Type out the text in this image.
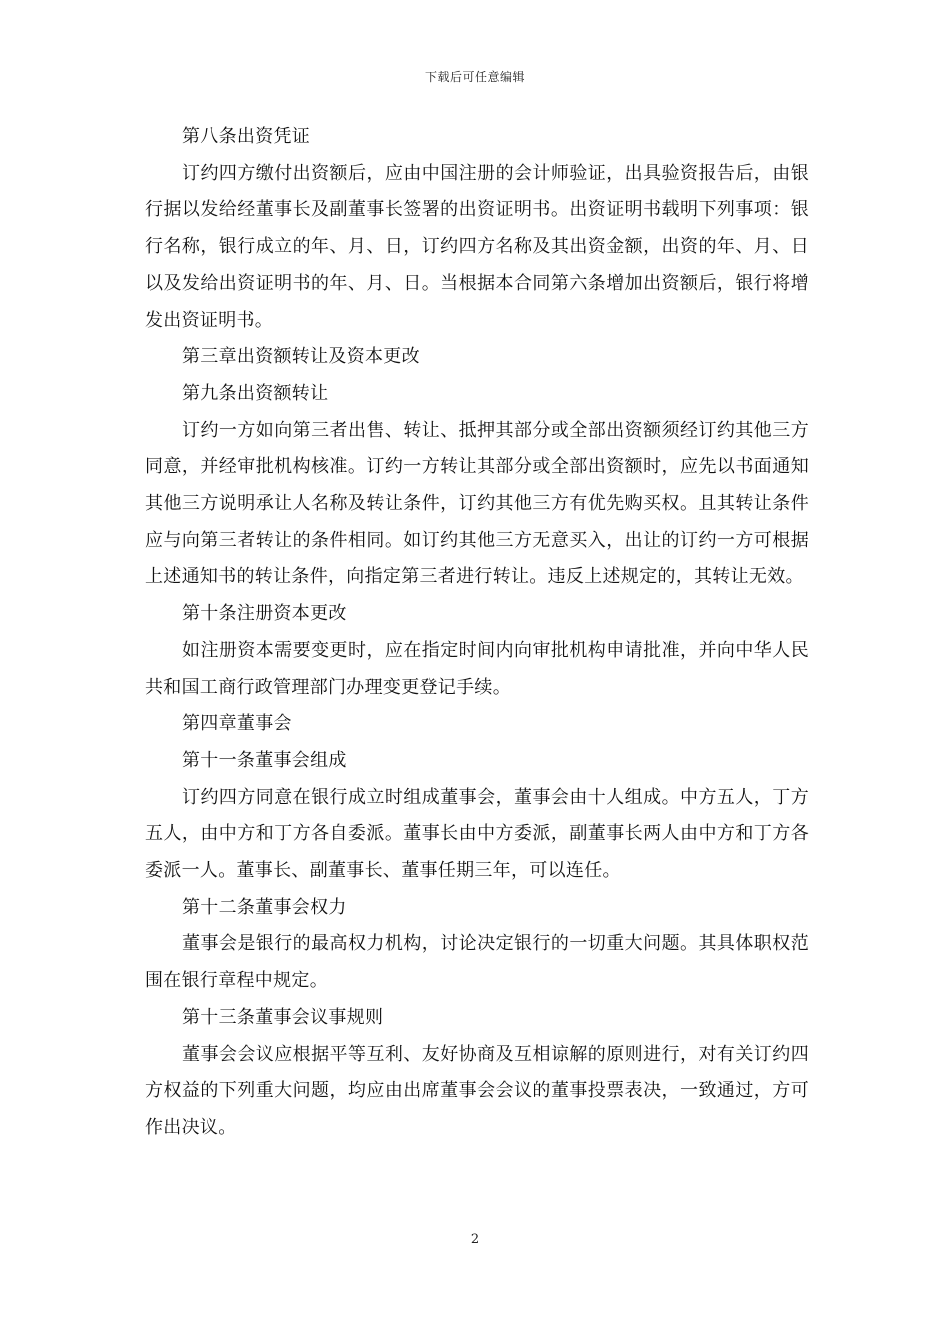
下载后可任意编辑

第八条出资凭证

订约四方缴付出资额后，应由中国注册的会计师验证，出具验资报告后，由银行据以发给经董事长及副董事长签署的出资证明书。出资证明书载明下列事项：银行名称，银行成立的年、月、日，订约四方名称及其出资金额，出资的年、月、日以及发给出资证明书的年、月、日。当根据本合同第六条增加出资额后，银行将增发出资证明书。

第三章出资额转让及资本更改

第九条出资额转让

订约一方如向第三者出售、转让、抵押其部分或全部出资额须经订约其他三方同意，并经审批机构核准。订约一方转让其部分或全部出资额时，应先以书面通知其他三方说明承让人名称及转让条件，订约其他三方有优先购买权。且其转让条件应与向第三者转让的条件相同。如订约其他三方无意买入，出让的订约一方可根据上述通知书的转让条件，向指定第三者进行转让。违反上述规定的，其转让无效。

第十条注册资本更改

如注册资本需要变更时，应在指定时间内向审批机构申请批准，并向中华人民共和国工商行政管理部门办理变更登记手续。

第四章董事会

第十一条董事会组成

订约四方同意在银行成立时组成董事会，董事会由十人组成。中方五人，丁方五人，由中方和丁方各自委派。董事长由中方委派，副董事长两人由中方和丁方各委派一人。董事长、副董事长、董事任期三年，可以连任。

第十二条董事会权力

董事会是银行的最高权力机构，讨论决定银行的一切重大问题。其具体职权范围在银行章程中规定。

第十三条董事会议事规则

董事会会议应根据平等互利、友好协商及互相谅解的原则进行，对有关订约四方权益的下列重大问题，均应由出席董事会会议的董事投票表决，一致通过，方可作出决议。

2
